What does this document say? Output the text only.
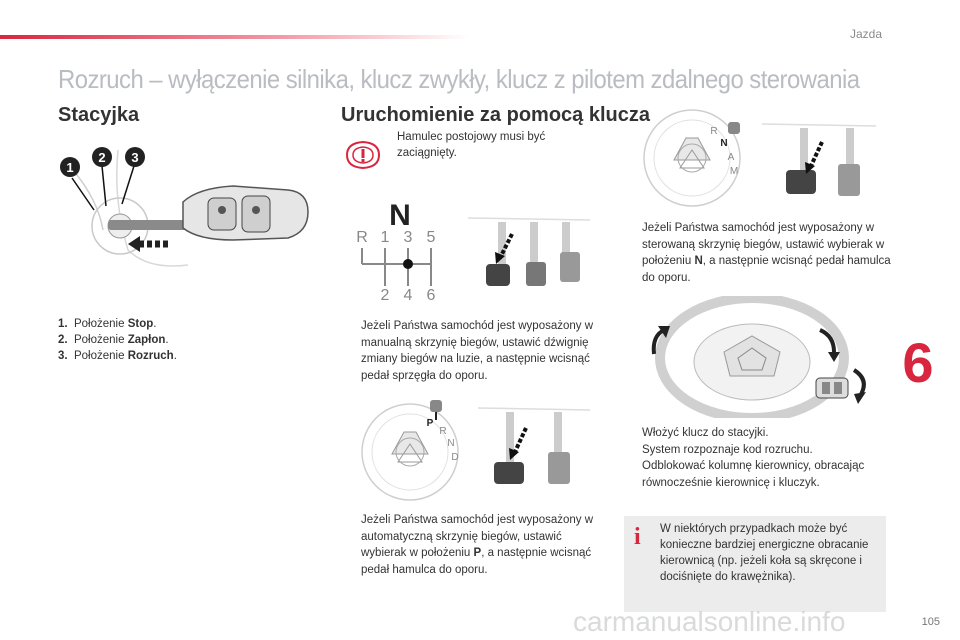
Jazda
Rozruch – wyłączenie silnika, klucz zwykły, klucz z pilotem zdalnego sterowania
Stacyjka
1
2 3
1. Położenie Stop.
2. Położenie Zapłon.
3. Położenie Rozruch.
Uruchomienie za pomocą klucza
Hamulec postojowy musi być zaciągnięty.
N
R 1 3 5
2 4 6
Jeżeli Państwa samochód jest wyposażony w manualną skrzynię biegów, ustawić dźwignię zmiany biegów na luzie, a następnie wcisnąć pedał sprzęgła do oporu.
P
R
N
D
Jeżeli Państwa samochód jest wyposażony w automatyczną skrzynię biegów, ustawić wybierak w położeniu P, a następnie wcisnąć pedał hamulca do oporu.
R
N
A
M
Jeżeli Państwa samochód jest wyposażony w sterowaną skrzynię biegów, ustawić wybierak w położeniu N, a następnie wcisnąć pedał hamulca do oporu.
Włożyć klucz do stacyjki.
System rozpoznaje kod rozruchu.
Odblokować kolumnę kierownicy, obracając równocześnie kierownicę i kluczyk.
i	W niektórych przypadkach może być konieczne bardziej energiczne obracanie kierownicą (np. jeżeli koła są skręcone i dociśnięte do krawężnika).
6
carmanualsonline.info	105
